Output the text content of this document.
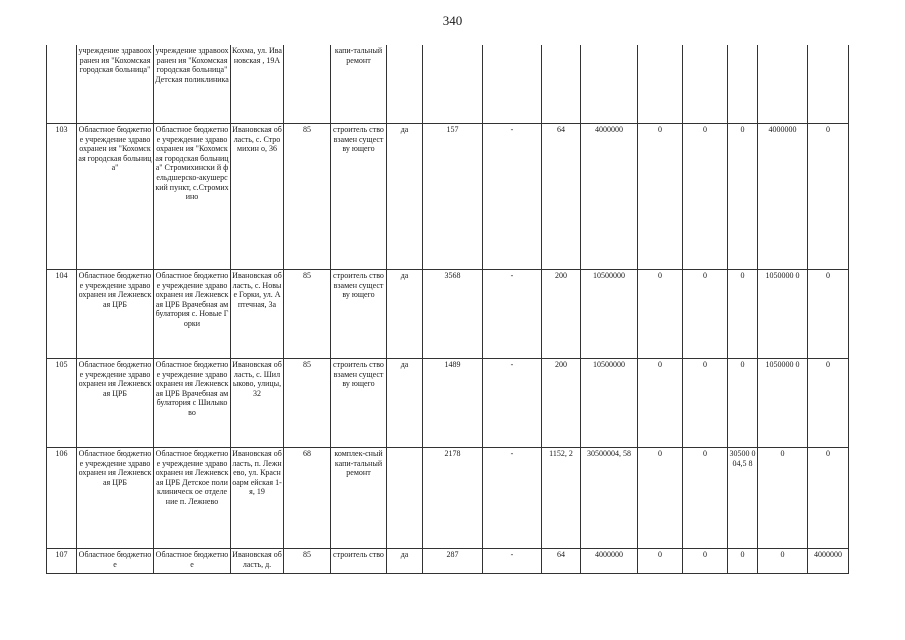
340
	учреждение здравоохранен ия "Кохомская городская больница"	учреждение здравоохранен ия "Кохомская городская больница" Детская поликлиника	Кохма, ул. Ивановская , 19А		капи-тальный ремонт										
103	Областное бюджетное учреждение здравоохранен ия "Кохомская городская больница"	Областное бюджетное учреждение здравоохранен ия "Кохомская городская больница" Стромихински й фельдшерско-акушерский пункт, с.Стромихино	Ивановская область, с. Стромихин о, 36	85	строитель ство взамен существу ющего	да	157	-	64	4000000	0	0	0	4000000	0
104	Областное бюджетное учреждение здравоохранен ия Лежневская ЦРБ	Областное бюджетное учреждение здравоохранен ия Лежневская ЦРБ Врачебная амбулатория с. Новые Горки	Ивановская область, с. Новые Горки, ул. Аптечная, 3а	85	строитель ство взамен существу ющего	да	3568	-	200	10500000	0	0	0	1050000 0	0
105	Областное бюджетное учреждение здравоохранен ия Лежневская ЦРБ	Областное бюджетное учреждение здравоохранен ия Лежневская ЦРБ Врачебная амбулатория с Шилыково	Ивановская область, с. Шилыково, улицы, 32	85	строитель ство взамен существу ющего	да	1489	-	200	10500000	0	0	0	1050000 0	0
106	Областное бюджетное учреждение здравоохранен ия Лежневская ЦРБ	Областное бюджетное учреждение здравоохранен ия Лежневская ЦРБ Детское поликлиническ ое отделение п. Лежнево	Ивановская область, п. Лежнево, ул. Красноарм ейская 1-я, 19	68	комплек-сный капи-тальный ремонт		2178	-	1152, 2	30500004, 58	0	0	30500 004,5 8	0	0
107	Областное бюджетное	Областное бюджетное	Ивановская область, д.	85	строитель ство	да	287	-	64	4000000	0	0	0	0	4000000
